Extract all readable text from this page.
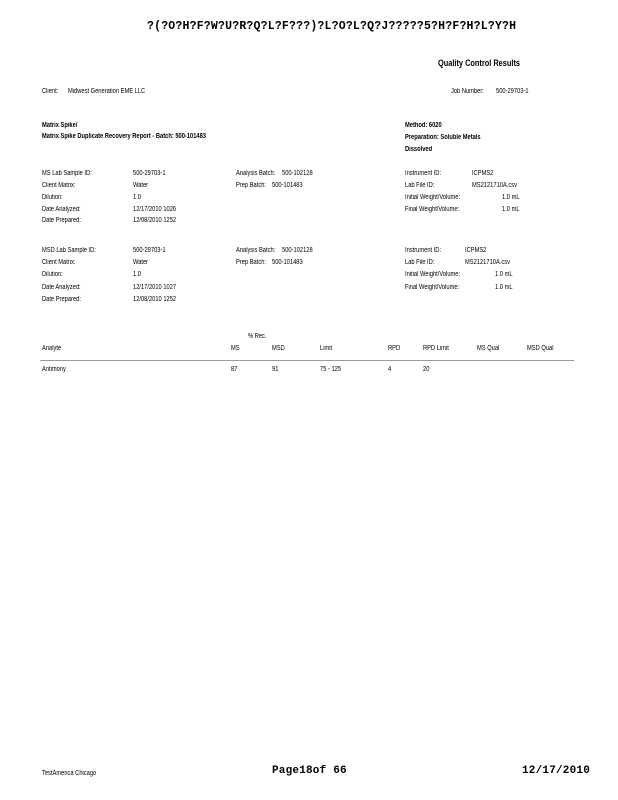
?(?O?H?F?W?U?R?Q?L?F???)?L?O?L?Q?J?????5?H?F?H?L?Y?H
Quality Control Results
Client: Midwest Generation EME LLC	Job Number: 500-29703-1
Matrix Spike/
Matrix Spike Duplicate Recovery Report - Batch: 500-101483
Method: 6020
Preparation: Soluble Metals
Dissolved
MS Lab Sample ID:	500-29703-1
Client Matrix:	Water
Dilution:	1.0
Date Analyzed:	12/17/2010 1026
Date Prepared:	12/08/2010 1252
Analysis Batch: 500-102128
Prep Batch: 500-101483
Instrument ID:	ICPMS2
Lab File ID:	MS2121710A.csv
Initial Weight/Volume:	1.0 mL
Final Weight/Volume:	1.0 mL
MSD Lab Sample ID:	500-29703-1
Client Matrix:	Water
Dilution:	1.0
Date Analyzed:	12/17/2010 1027
Date Prepared:	12/08/2010 1252
Analysis Batch: 500-102128
Prep Batch: 500-101483
Instrument ID:	ICPMS2
Lab File ID:	MS2121710A.csv
Initial Weight/Volume:	1.0 mL
Final Weight/Volume:	1.0 mL
% Rec.
Analyte	MS	MSD	Limit	RPD	RPD Limit	MS Qual	MSD Qual
Antimony	87	91	75 - 125	4	20
TestAmerica Chicago	Page18of 66	12/17/2010
